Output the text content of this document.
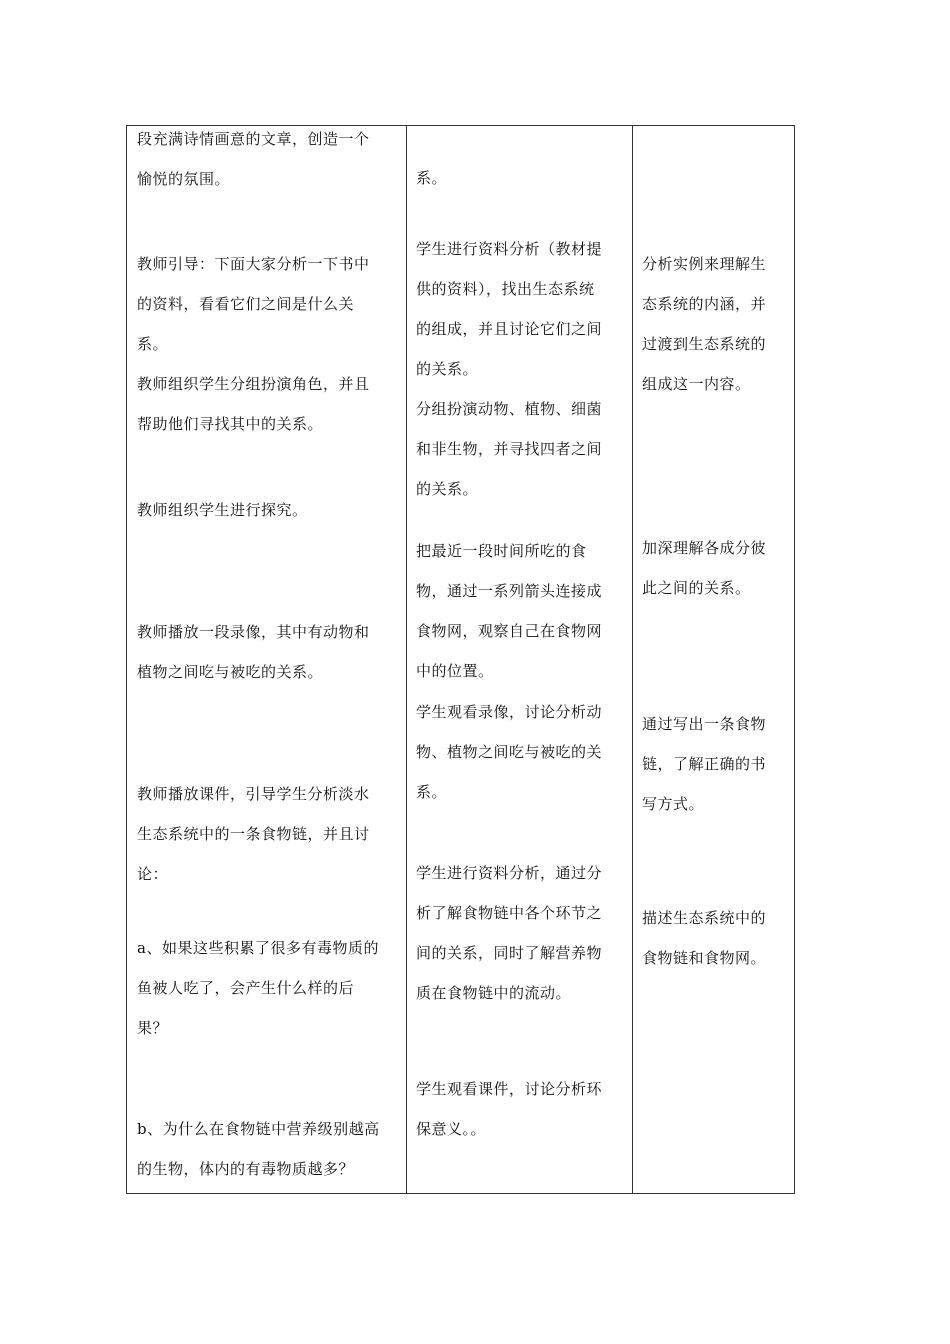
段充满诗情画意的文章，创造一个
愉悦的氛围。
教师引导：下面大家分析一下书中
的资料，看看它们之间是什么关
系。
教师组织学生分组扮演角色，并且
帮助他们寻找其中的关系。
教师组织学生进行探究。
教师播放一段录像，其中有动物和
植物之间吃与被吃的关系。
教师播放课件，引导学生分析淡水
生态系统中的一条食物链，并且讨
论：
a、如果这些积累了很多有毒物质的
鱼被人吃了，会产生什么样的后
果？
b、为什么在食物链中营养级别越高
的生物，体内的有毒物质越多？
系。
学生进行资料分析（教材提
供的资料），找出生态系统
的组成，并且讨论它们之间
的关系。
分组扮演动物、植物、细菌
和非生物，并寻找四者之间
的关系。
把最近一段时间所吃的食
物，通过一系列箭头连接成
食物网，观察自己在食物网
中的位置。
学生观看录像，讨论分析动
物、植物之间吃与被吃的关
系。
学生进行资料分析，通过分
析了解食物链中各个环节之
间的关系，同时了解营养物
质在食物链中的流动。
学生观看课件，讨论分析环
保意义。。
分析实例来理解生
态系统的内涵，并
过渡到生态系统的
组成这一内容。
加深理解各成分彼
此之间的关系。
通过写出一条食物
链，了解正确的书
写方式。
描述生态系统中的
食物链和食物网。
